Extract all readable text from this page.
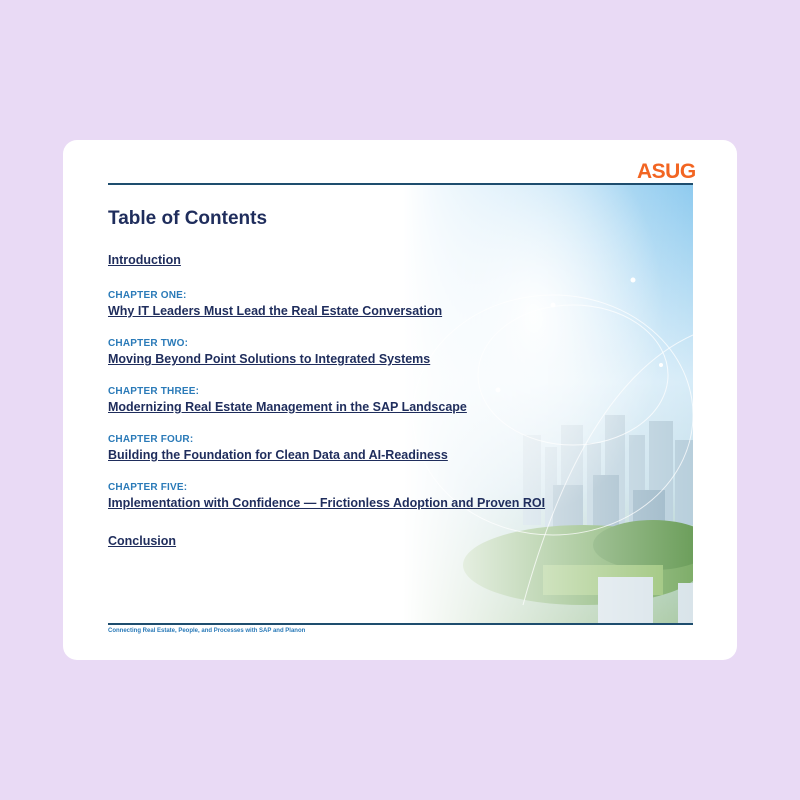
ASUG
Table of Contents
Introduction
CHAPTER ONE:
Why IT Leaders Must Lead the Real Estate Conversation
CHAPTER TWO:
Moving Beyond Point Solutions to Integrated Systems
CHAPTER THREE:
Modernizing Real Estate Management in the SAP Landscape
CHAPTER FOUR:
Building the Foundation for Clean Data and AI-Readiness
CHAPTER FIVE:
Implementation with Confidence — Frictionless Adoption and Proven ROI
Conclusion
Connecting Real Estate, People, and Processes with SAP and Planon
